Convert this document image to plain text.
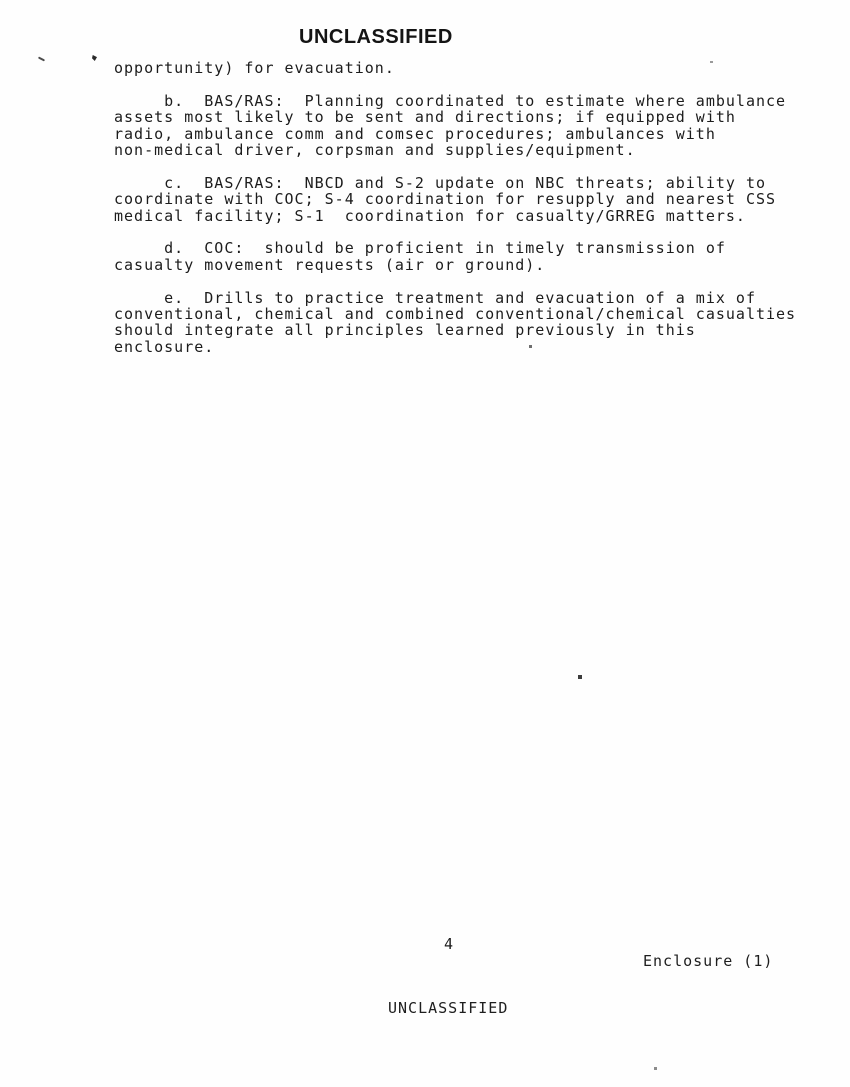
UNCLASSIFIED
opportunity) for evacuation.
b.  BAS/RAS:  Planning coordinated to estimate where ambulance
assets most likely to be sent and directions; if equipped with
radio, ambulance comm and comsec procedures; ambulances with
non-medical driver, corpsman and supplies/equipment.
c.  BAS/RAS:  NBCD and S-2 update on NBC threats; ability to
coordinate with COC; S-4 coordination for resupply and nearest CSS
medical facility; S-1  coordination for casualty/GRREG matters.
d.  COC:  should be proficient in timely transmission of
casualty movement requests (air or ground).
e.  Drills to practice treatment and evacuation of a mix of
conventional, chemical and combined conventional/chemical casualties
should integrate all principles learned previously in this
enclosure.
4
Enclosure (1)
UNCLASSIFIED
